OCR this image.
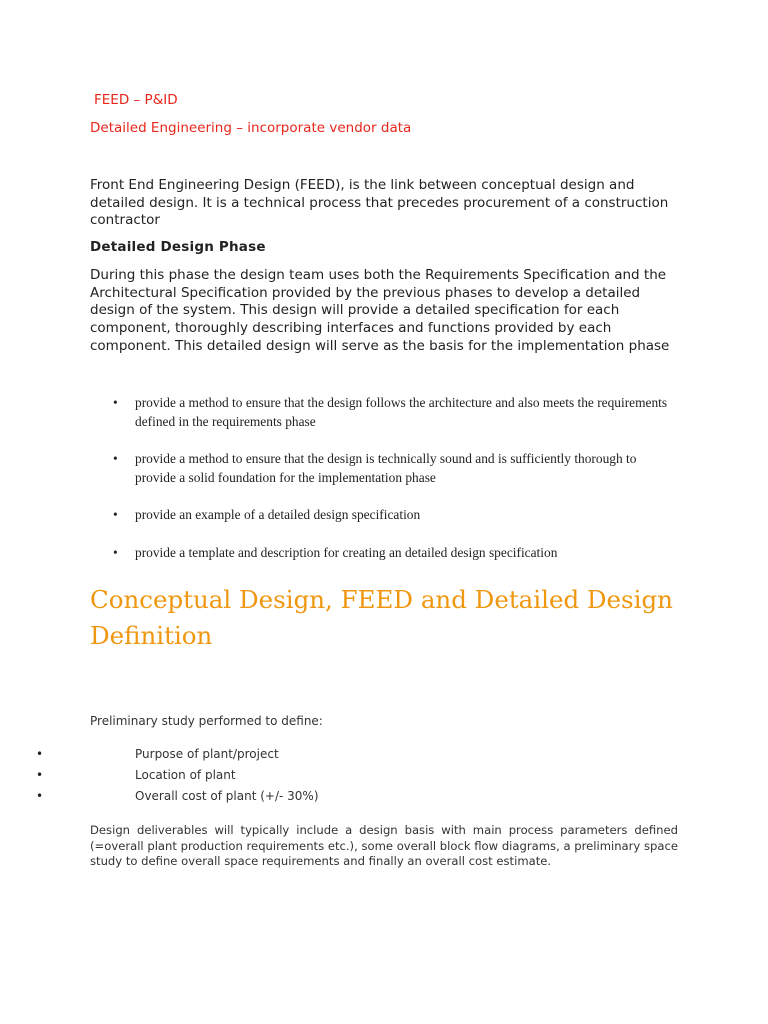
FEED – P&ID
Detailed Engineering – incorporate vendor data

Front End Engineering Design (FEED), is the link between conceptual design and detailed design. It is a technical process that precedes procurement of a construction contractor

Detailed Design Phase

During this phase the design team uses both the Requirements Specification and the Architectural Specification provided by the previous phases to develop a detailed design of the system. This design will provide a detailed specification for each component, thoroughly describing interfaces and functions provided by each component. This detailed design will serve as the basis for the implementation phase

• provide a method to ensure that the design follows the architecture and also meets the requirements defined in the requirements phase
• provide a method to ensure that the design is technically sound and is sufficiently thorough to provide a solid foundation for the implementation phase
• provide an example of a detailed design specification
• provide a template and description for creating an detailed design specification
Conceptual Design, FEED and Detailed Design Definition

Preliminary study performed to define:

•	Purpose of plant/project
•	Location of plant
•	Overall cost of plant (+/- 30%)

Design deliverables will typically include a design basis with main process parameters defined (=overall plant production requirements etc.), some overall block flow diagrams, a preliminary space study to define overall space requirements and finally an overall cost estimate.
